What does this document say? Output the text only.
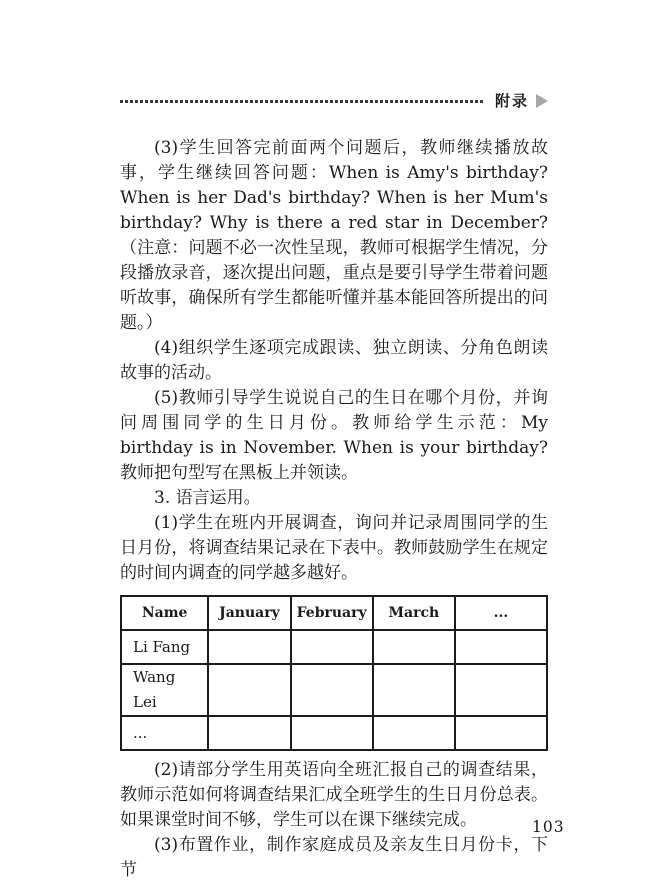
附录

(3)学生回答完前面两个问题后，教师继续播放故事，学生继续回答问题：When is Amy's birthday? When is her Dad's birthday? When is her Mum's birthday? Why is there a red star in December?（注意：问题不必一次性呈现，教师可根据学生情况，分段播放录音，逐次提出问题，重点是要引导学生带着问题听故事，确保所有学生都能听懂并基本能回答所提出的问题。）

(4)组织学生逐项完成跟读、独立朗读、分角色朗读故事的活动。

(5)教师引导学生说说自己的生日在哪个月份，并询问周围同学的生日月份。教师给学生示范：My birthday is in November. When is your birthday? 教师把句型写在黑板上并领读。

3. 语言运用。

(1)学生在班内开展调查，询问并记录周围同学的生日月份，将调查结果记录在下表中。教师鼓励学生在规定的时间内调查的同学越多越好。

Name	January	February	March	...
Li Fang				
Wang Lei				
...				

(2)请部分学生用英语向全班汇报自己的调查结果，教师示范如何将调查结果汇成全班学生的生日月份总表。如果课堂时间不够，学生可以在课下继续完成。

(3)布置作业，制作家庭成员及亲友生日月份卡，下节

103
